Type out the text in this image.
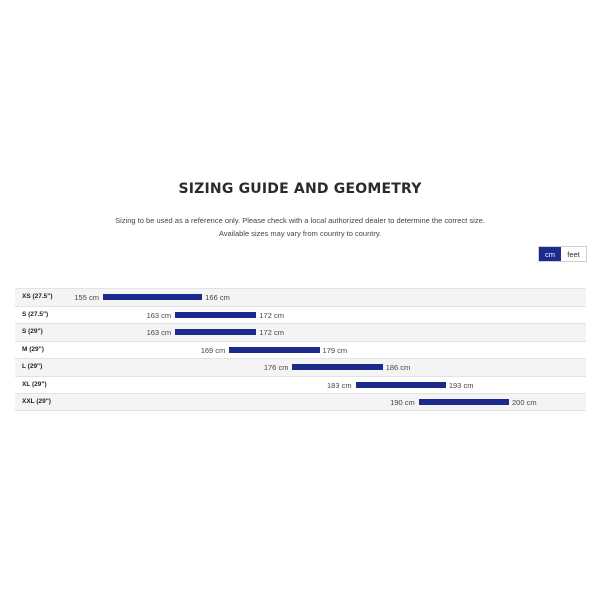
SIZING GUIDE AND GEOMETRY
Sizing to be used as a reference only. Please check with a local authorized dealer to determine the correct size.
Available sizes may vary from country to country.
cm	feet
XS (27.5")	155 cm	166 cm
S (27.5")	163 cm	172 cm
S (29")	163 cm	172 cm
M (29")	169 cm	179 cm
L (29")	176 cm	186 cm
XL (29")	183 cm	193 cm
XXL (29")	190 cm	200 cm
